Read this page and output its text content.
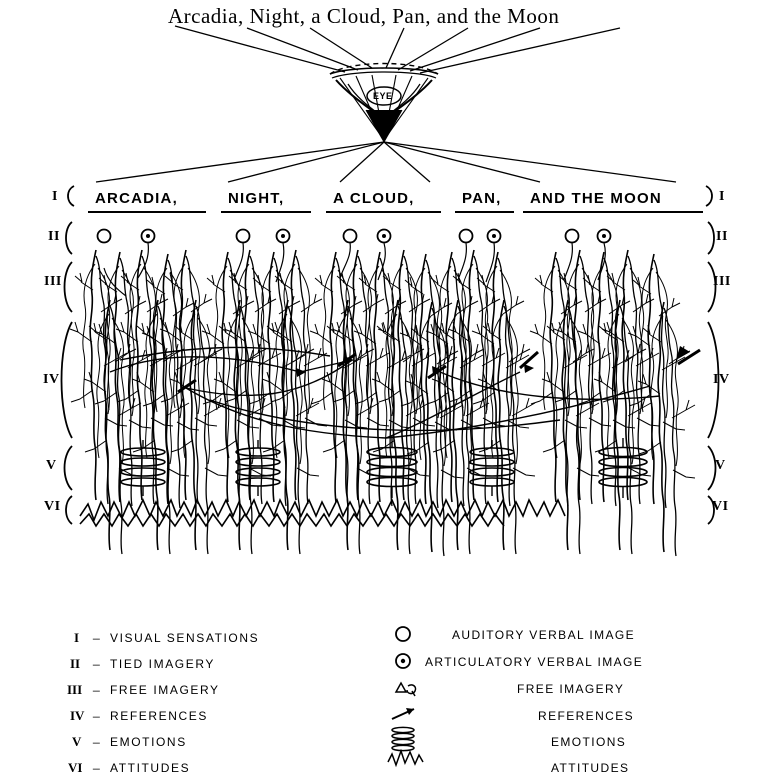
Arcadia, Night, a Cloud, Pan, and the Moon
EYE
ARCADIA,	NIGHT,	A CLOUD,	PAN, AND THE MOON
I
II
III
IV
V
VI
I
II
III
IV
V
VI
I _ VISUAL SENSATIONS
II _ TIED IMAGERY
III _ FREE IMAGERY
IV _ REFERENCES
V _ EMOTIONS
VI _ ATTITUDES
AUDITORY VERBAL IMAGE
ARTICULATORY VERBAL IMAGE
FREE IMAGERY
REFERENCES
EMOTIONS
ATTITUDES
